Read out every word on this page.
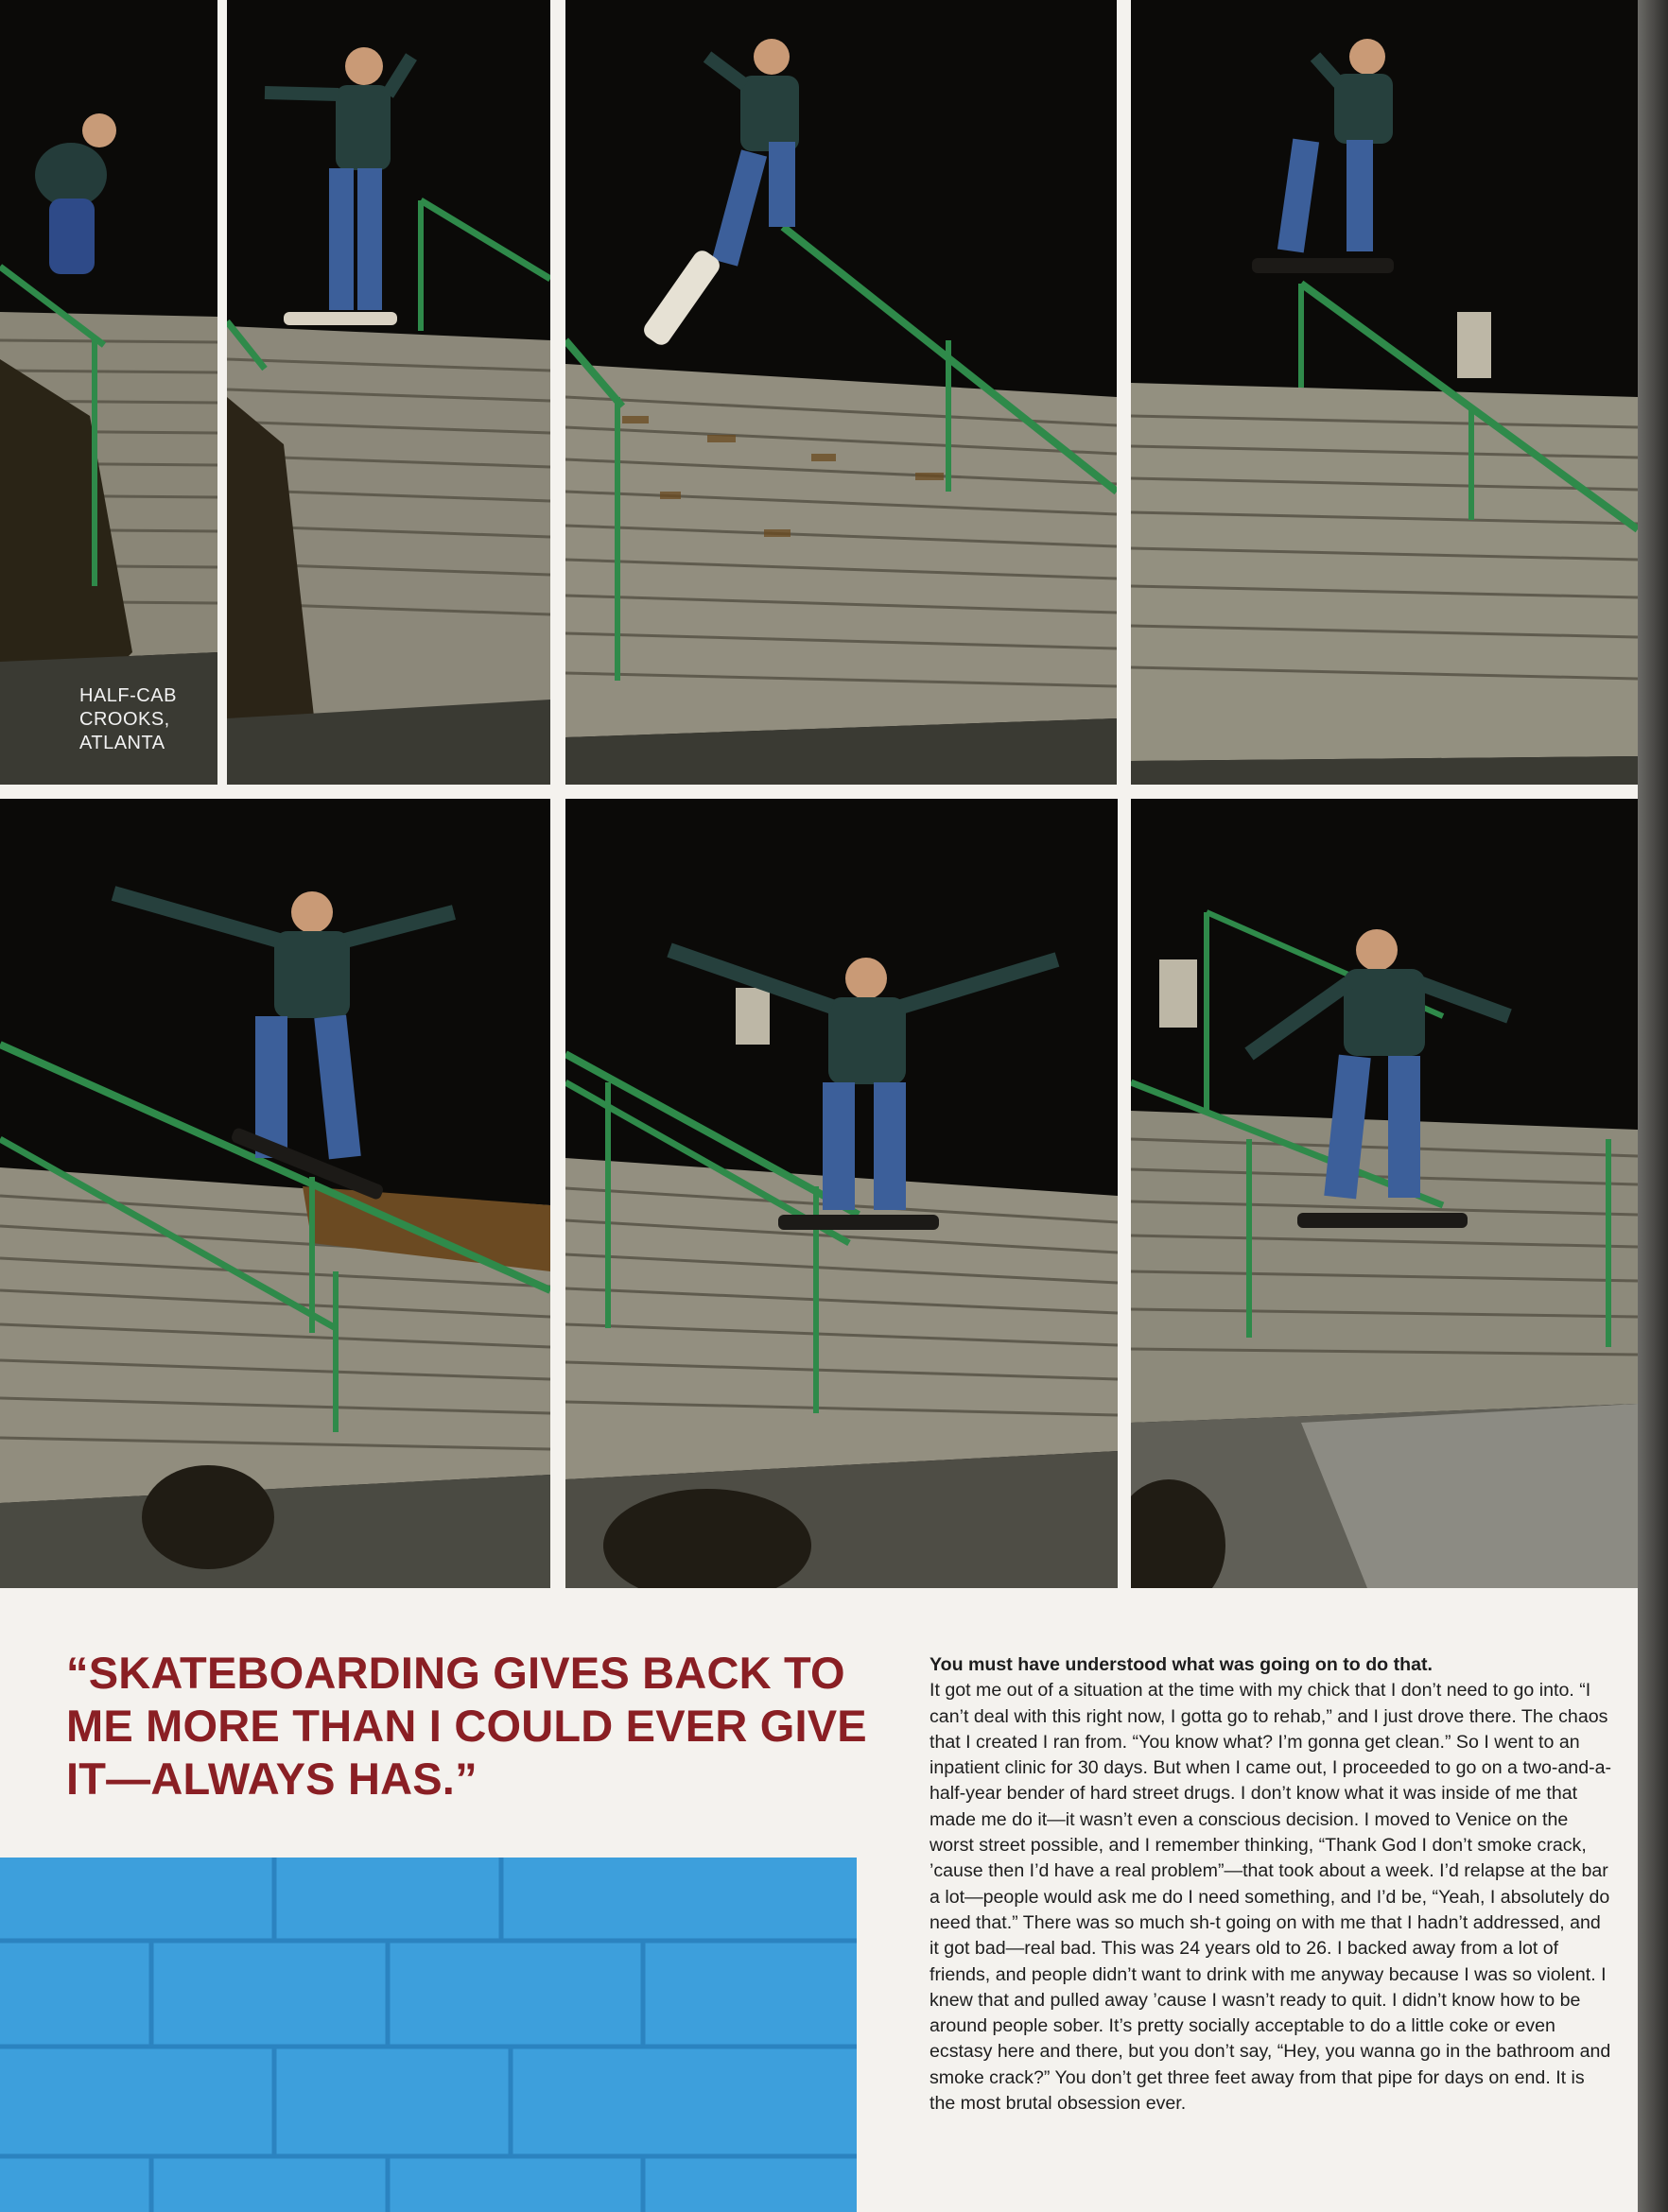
HALF-CAB
CROOKS,
ATLANTA
“SKATEBOARDING GIVES BACK TO ME MORE THAN I COULD EVER GIVE IT—ALWAYS HAS.”
You must have understood what was going on to do that.
It got me out of a situation at the time with my chick that I don’t need to go into. “I can’t deal with this right now, I gotta go to rehab,” and I just drove there. The chaos that I created I ran from. “You know what? I’m gonna get clean.” So I went to an inpatient clinic for 30 days. But when I came out, I proceeded to go on a two-and-a-half-year bender of hard street drugs. I don’t know what it was inside of me that made me do it—it wasn’t even a conscious decision. I moved to Venice on the worst street possible, and I remember thinking, “Thank God I don’t smoke crack, ’cause then I’d have a real problem”—that took about a week. I’d relapse at the bar a lot—people would ask me do I need something, and I’d be, “Yeah, I absolutely do need that.” There was so much sh-t going on with me that I hadn’t addressed, and it got bad—real bad. This was 24 years old to 26. I backed away from a lot of friends, and people didn’t want to drink with me anyway because I was so violent. I knew that and pulled away ’cause I wasn’t ready to quit. I didn’t know how to be around people sober. It’s pretty socially acceptable to do a little coke or even ecstasy here and there, but you don’t say, “Hey, you wanna go in the bathroom and smoke crack?” You don’t get three feet away from that pipe for days on end. It is the most brutal obsession ever.
